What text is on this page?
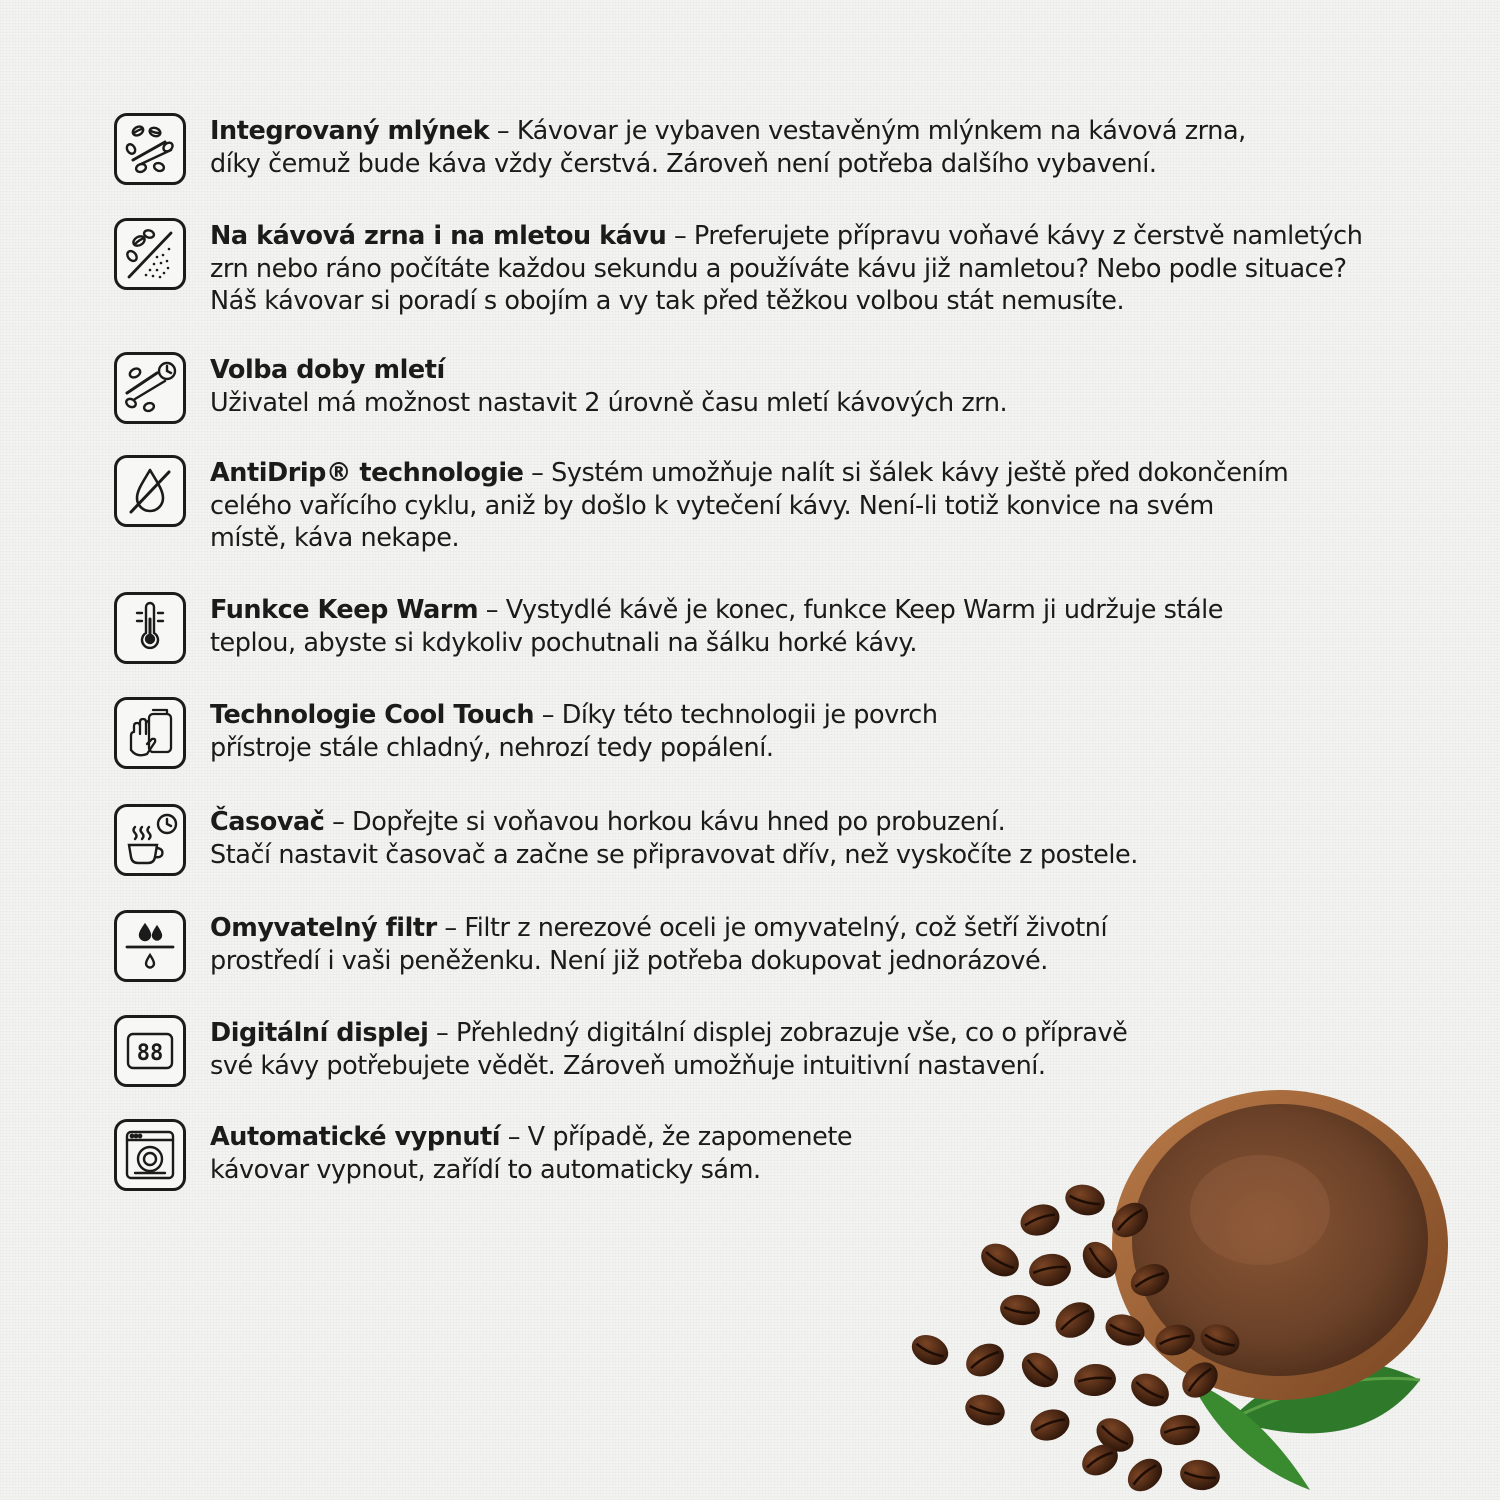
Integrovaný mlýnek – Kávovar je vybaven vestavěným mlýnkem na kávová zrna,
díky čemuž bude káva vždy čerstvá. Zároveň není potřeba dalšího vybavení.
Na kávová zrna i na mletou kávu – Preferujete přípravu voňavé kávy z čerstvě namletých
zrn nebo ráno počítáte každou sekundu a používáte kávu již namletou? Nebo podle situace?
Náš kávovar si poradí s obojím a vy tak před těžkou volbou stát nemusíte.
Volba doby mletí
Uživatel má možnost nastavit 2 úrovně času mletí kávových zrn.
AntiDrip® technologie – Systém umožňuje nalít si šálek kávy ještě před dokončením
celého vařícího cyklu, aniž by došlo k vytečení kávy. Není-li totiž konvice na svém
místě, káva nekape.
Funkce Keep Warm – Vystydlé kávě je konec, funkce Keep Warm ji udržuje stále
teplou, abyste si kdykoliv pochutnali na šálku horké kávy.
Technologie Cool Touch – Díky této technologii je povrch
přístroje stále chladný, nehrozí tedy popálení.
Časovač – Dopřejte si voňavou horkou kávu hned po probuzení.
Stačí nastavit časovač a začne se připravovat dřív, než vyskočíte z postele.
Omyvatelný filtr – Filtr z nerezové oceli je omyvatelný, což šetří životní
prostředí i vaši peněženku. Není již potřeba dokupovat jednorázové.
88
Digitální displej – Přehledný digitální displej zobrazuje vše, co o přípravě
své kávy potřebujete vědět. Zároveň umožňuje intuitivní nastavení.
Automatické vypnutí – V případě, že zapomenete
kávovar vypnout, zařídí to automaticky sám.
